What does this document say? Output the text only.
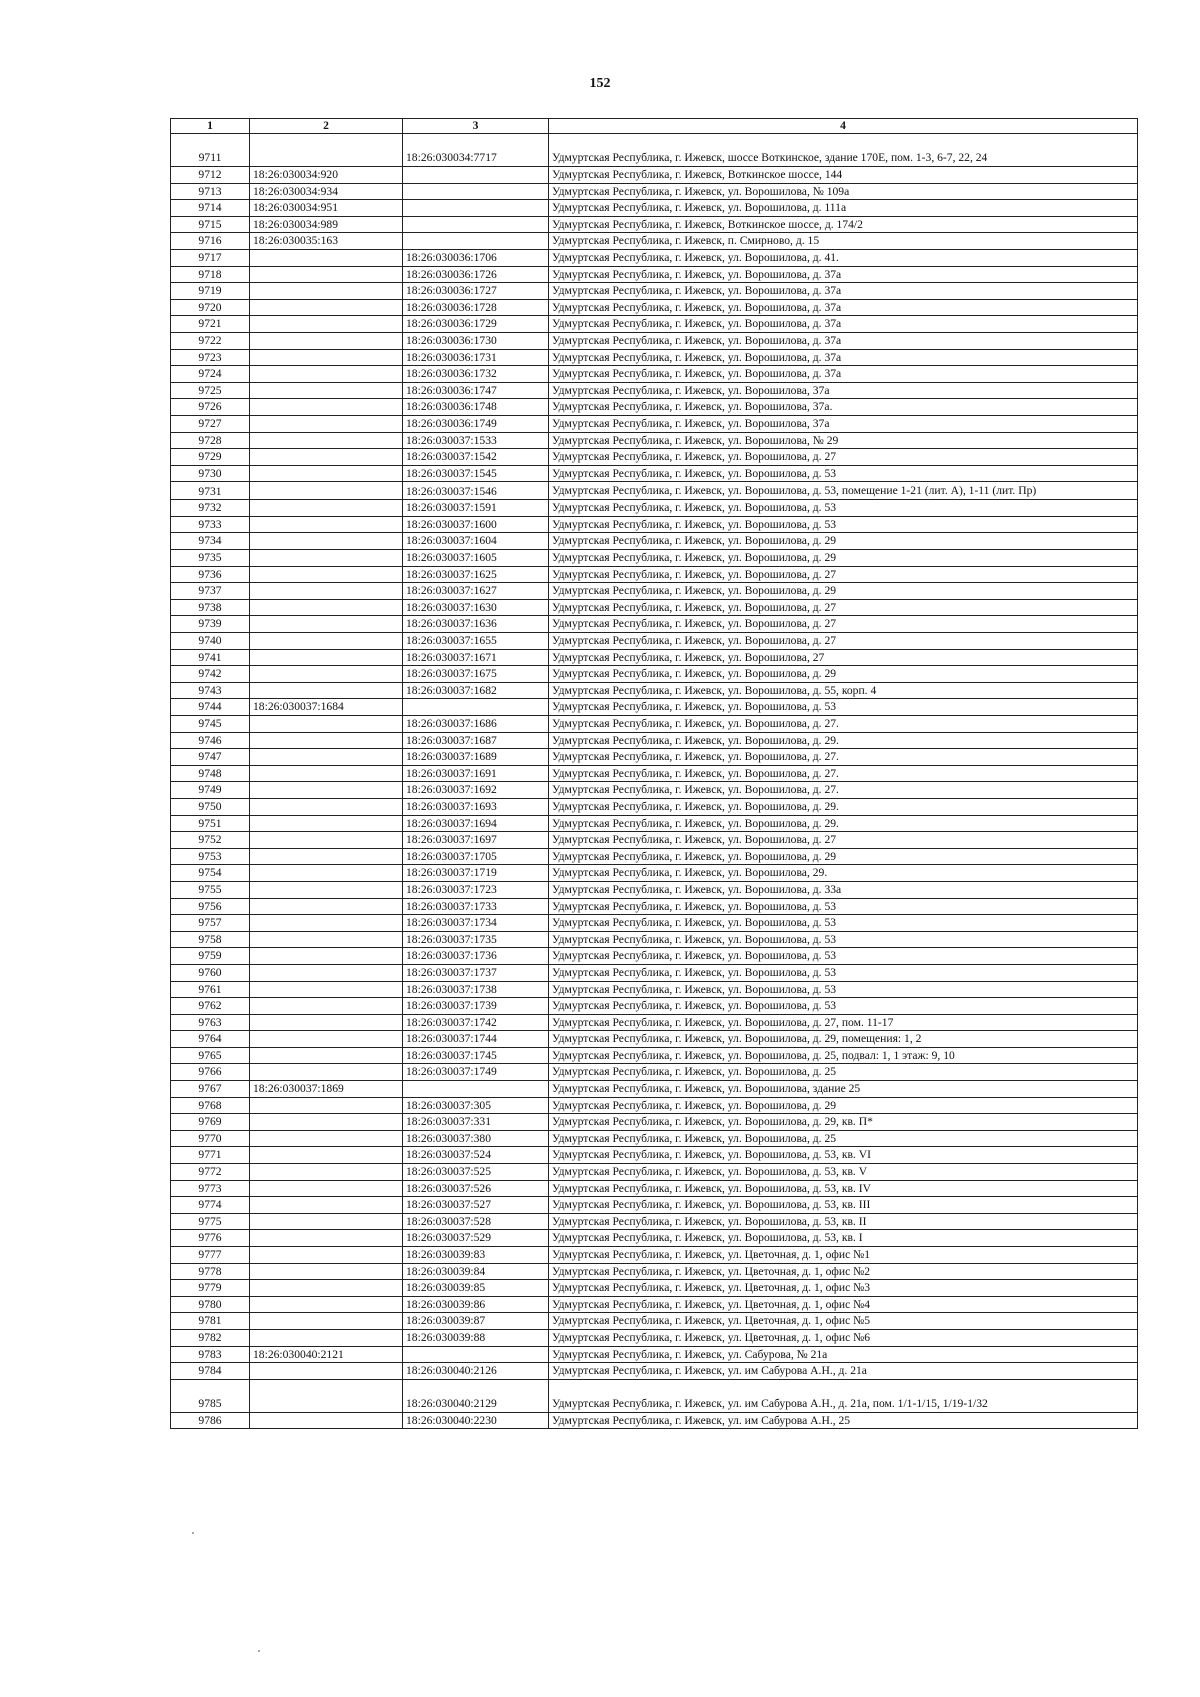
152
1	2	3	4
9711		18:26:030034:7717	Удмуртская Республика, г. Ижевск, шоссе Воткинское, здание 170Е, пом. 1-3, 6-7, 22, 24
9712	18:26:030034:920		Удмуртская Республика, г. Ижевск, Воткинское шоссе, 144
9713	18:26:030034:934		Удмуртская Республика, г. Ижевск, ул. Ворошилова, № 109а
9714	18:26:030034:951		Удмуртская Республика, г. Ижевск, ул. Ворошилова, д. 111а
9715	18:26:030034:989		Удмуртская Республика, г. Ижевск, Воткинское шоссе, д. 174/2
9716	18:26:030035:163		Удмуртская Республика, г. Ижевск, п. Смирново, д. 15
9717		18:26:030036:1706	Удмуртская Республика, г. Ижевск, ул. Ворошилова, д. 41.
9718		18:26:030036:1726	Удмуртская Республика, г. Ижевск, ул. Ворошилова, д. 37а
9719		18:26:030036:1727	Удмуртская Республика, г. Ижевск, ул. Ворошилова, д. 37а
9720		18:26:030036:1728	Удмуртская Республика, г. Ижевск, ул. Ворошилова, д. 37а
9721		18:26:030036:1729	Удмуртская Республика, г. Ижевск, ул. Ворошилова, д. 37а
9722		18:26:030036:1730	Удмуртская Республика, г. Ижевск, ул. Ворошилова, д. 37а
9723		18:26:030036:1731	Удмуртская Республика, г. Ижевск, ул. Ворошилова, д. 37а
9724		18:26:030036:1732	Удмуртская Республика, г. Ижевск, ул. Ворошилова, д. 37а
9725		18:26:030036:1747	Удмуртская Республика, г. Ижевск, ул. Ворошилова, 37а
9726		18:26:030036:1748	Удмуртская Республика, г. Ижевск, ул. Ворошилова, 37а.
9727		18:26:030036:1749	Удмуртская Республика, г. Ижевск, ул. Ворошилова, 37а
9728		18:26:030037:1533	Удмуртская Республика, г. Ижевск, ул. Ворошилова, № 29
9729		18:26:030037:1542	Удмуртская Республика, г. Ижевск, ул. Ворошилова, д. 27
9730		18:26:030037:1545	Удмуртская Республика, г. Ижевск, ул. Ворошилова, д. 53
9731		18:26:030037:1546	Удмуртская Республика, г. Ижевск, ул. Ворошилова, д. 53, помещение 1-21 (лит. А), 1-11 (лит. Пр)
9732		18:26:030037:1591	Удмуртская Республика, г. Ижевск, ул. Ворошилова, д. 53
9733		18:26:030037:1600	Удмуртская Республика, г. Ижевск, ул. Ворошилова, д. 53
9734		18:26:030037:1604	Удмуртская Республика, г. Ижевск, ул. Ворошилова, д. 29
9735		18:26:030037:1605	Удмуртская Республика, г. Ижевск, ул. Ворошилова, д. 29
9736		18:26:030037:1625	Удмуртская Республика, г. Ижевск, ул. Ворошилова, д. 27
9737		18:26:030037:1627	Удмуртская Республика, г. Ижевск, ул. Ворошилова, д. 29
9738		18:26:030037:1630	Удмуртская Республика, г. Ижевск, ул. Ворошилова, д. 27
9739		18:26:030037:1636	Удмуртская Республика, г. Ижевск, ул. Ворошилова, д. 27
9740		18:26:030037:1655	Удмуртская Республика, г. Ижевск, ул. Ворошилова, д. 27
9741		18:26:030037:1671	Удмуртская Республика, г. Ижевск, ул. Ворошилова, 27
9742		18:26:030037:1675	Удмуртская Республика, г. Ижевск, ул. Ворошилова, д. 29
9743		18:26:030037:1682	Удмуртская Республика, г. Ижевск, ул. Ворошилова, д. 55, корп. 4
9744	18:26:030037:1684		Удмуртская Республика, г. Ижевск, ул. Ворошилова, д. 53
9745		18:26:030037:1686	Удмуртская Республика, г. Ижевск, ул. Ворошилова, д. 27.
9746		18:26:030037:1687	Удмуртская Республика, г. Ижевск, ул. Ворошилова, д. 29.
9747		18:26:030037:1689	Удмуртская Республика, г. Ижевск, ул. Ворошилова, д. 27.
9748		18:26:030037:1691	Удмуртская Республика, г. Ижевск, ул. Ворошилова, д. 27.
9749		18:26:030037:1692	Удмуртская Республика, г. Ижевск, ул. Ворошилова, д. 27.
9750		18:26:030037:1693	Удмуртская Республика, г. Ижевск, ул. Ворошилова, д. 29.
9751		18:26:030037:1694	Удмуртская Республика, г. Ижевск, ул. Ворошилова, д. 29.
9752		18:26:030037:1697	Удмуртская Республика, г. Ижевск, ул. Ворошилова, д. 27
9753		18:26:030037:1705	Удмуртская Республика, г. Ижевск, ул. Ворошилова, д. 29
9754		18:26:030037:1719	Удмуртская Республика, г. Ижевск, ул. Ворошилова, 29.
9755		18:26:030037:1723	Удмуртская Республика, г. Ижевск, ул. Ворошилова, д. 33а
9756		18:26:030037:1733	Удмуртская Республика, г. Ижевск, ул. Ворошилова, д. 53
9757		18:26:030037:1734	Удмуртская Республика, г. Ижевск, ул. Ворошилова, д. 53
9758		18:26:030037:1735	Удмуртская Республика, г. Ижевск, ул. Ворошилова, д. 53
9759		18:26:030037:1736	Удмуртская Республика, г. Ижевск, ул. Ворошилова, д. 53
9760		18:26:030037:1737	Удмуртская Республика, г. Ижевск, ул. Ворошилова, д. 53
9761		18:26:030037:1738	Удмуртская Республика, г. Ижевск, ул. Ворошилова, д. 53
9762		18:26:030037:1739	Удмуртская Республика, г. Ижевск, ул. Ворошилова, д. 53
9763		18:26:030037:1742	Удмуртская Республика, г. Ижевск, ул. Ворошилова, д. 27, пом. 11-17
9764		18:26:030037:1744	Удмуртская Республика, г. Ижевск, ул. Ворошилова, д. 29, помещения: 1, 2
9765		18:26:030037:1745	Удмуртская Республика, г. Ижевск, ул. Ворошилова, д. 25, подвал: 1, 1 этаж: 9, 10
9766		18:26:030037:1749	Удмуртская Республика, г. Ижевск, ул. Ворошилова, д. 25
9767	18:26:030037:1869		Удмуртская Республика, г. Ижевск, ул. Ворошилова, здание 25
9768		18:26:030037:305	Удмуртская Республика, г. Ижевск, ул. Ворошилова, д. 29
9769		18:26:030037:331	Удмуртская Республика, г. Ижевск, ул. Ворошилова, д. 29, кв. П*
9770		18:26:030037:380	Удмуртская Республика, г. Ижевск, ул. Ворошилова, д. 25
9771		18:26:030037:524	Удмуртская Республика, г. Ижевск, ул. Ворошилова, д. 53, кв. VI
9772		18:26:030037:525	Удмуртская Республика, г. Ижевск, ул. Ворошилова, д. 53, кв. V
9773		18:26:030037:526	Удмуртская Республика, г. Ижевск, ул. Ворошилова, д. 53, кв. IV
9774		18:26:030037:527	Удмуртская Республика, г. Ижевск, ул. Ворошилова, д. 53, кв. III
9775		18:26:030037:528	Удмуртская Республика, г. Ижевск, ул. Ворошилова, д. 53, кв. II
9776		18:26:030037:529	Удмуртская Республика, г. Ижевск, ул. Ворошилова, д. 53, кв. I
9777		18:26:030039:83	Удмуртская Республика, г. Ижевск, ул. Цветочная, д. 1, офис №1
9778		18:26:030039:84	Удмуртская Республика, г. Ижевск, ул. Цветочная, д. 1, офис №2
9779		18:26:030039:85	Удмуртская Республика, г. Ижевск, ул. Цветочная, д. 1, офис №3
9780		18:26:030039:86	Удмуртская Республика, г. Ижевск, ул. Цветочная, д. 1, офис №4
9781		18:26:030039:87	Удмуртская Республика, г. Ижевск, ул. Цветочная, д. 1, офис №5
9782		18:26:030039:88	Удмуртская Республика, г. Ижевск, ул. Цветочная, д. 1, офис №6
9783	18:26:030040:2121		Удмуртская Республика, г. Ижевск, ул. Сабурова, № 21а
9784		18:26:030040:2126	Удмуртская Республика, г. Ижевск, ул. им Сабурова А.Н., д. 21а
9785		18:26:030040:2129	Удмуртская Республика, г. Ижевск, ул. им Сабурова А.Н., д. 21а, пом. 1/1-1/15, 1/19-1/32
9786		18:26:030040:2230	Удмуртская Республика, г. Ижевск, ул. им Сабурова А.Н., 25
